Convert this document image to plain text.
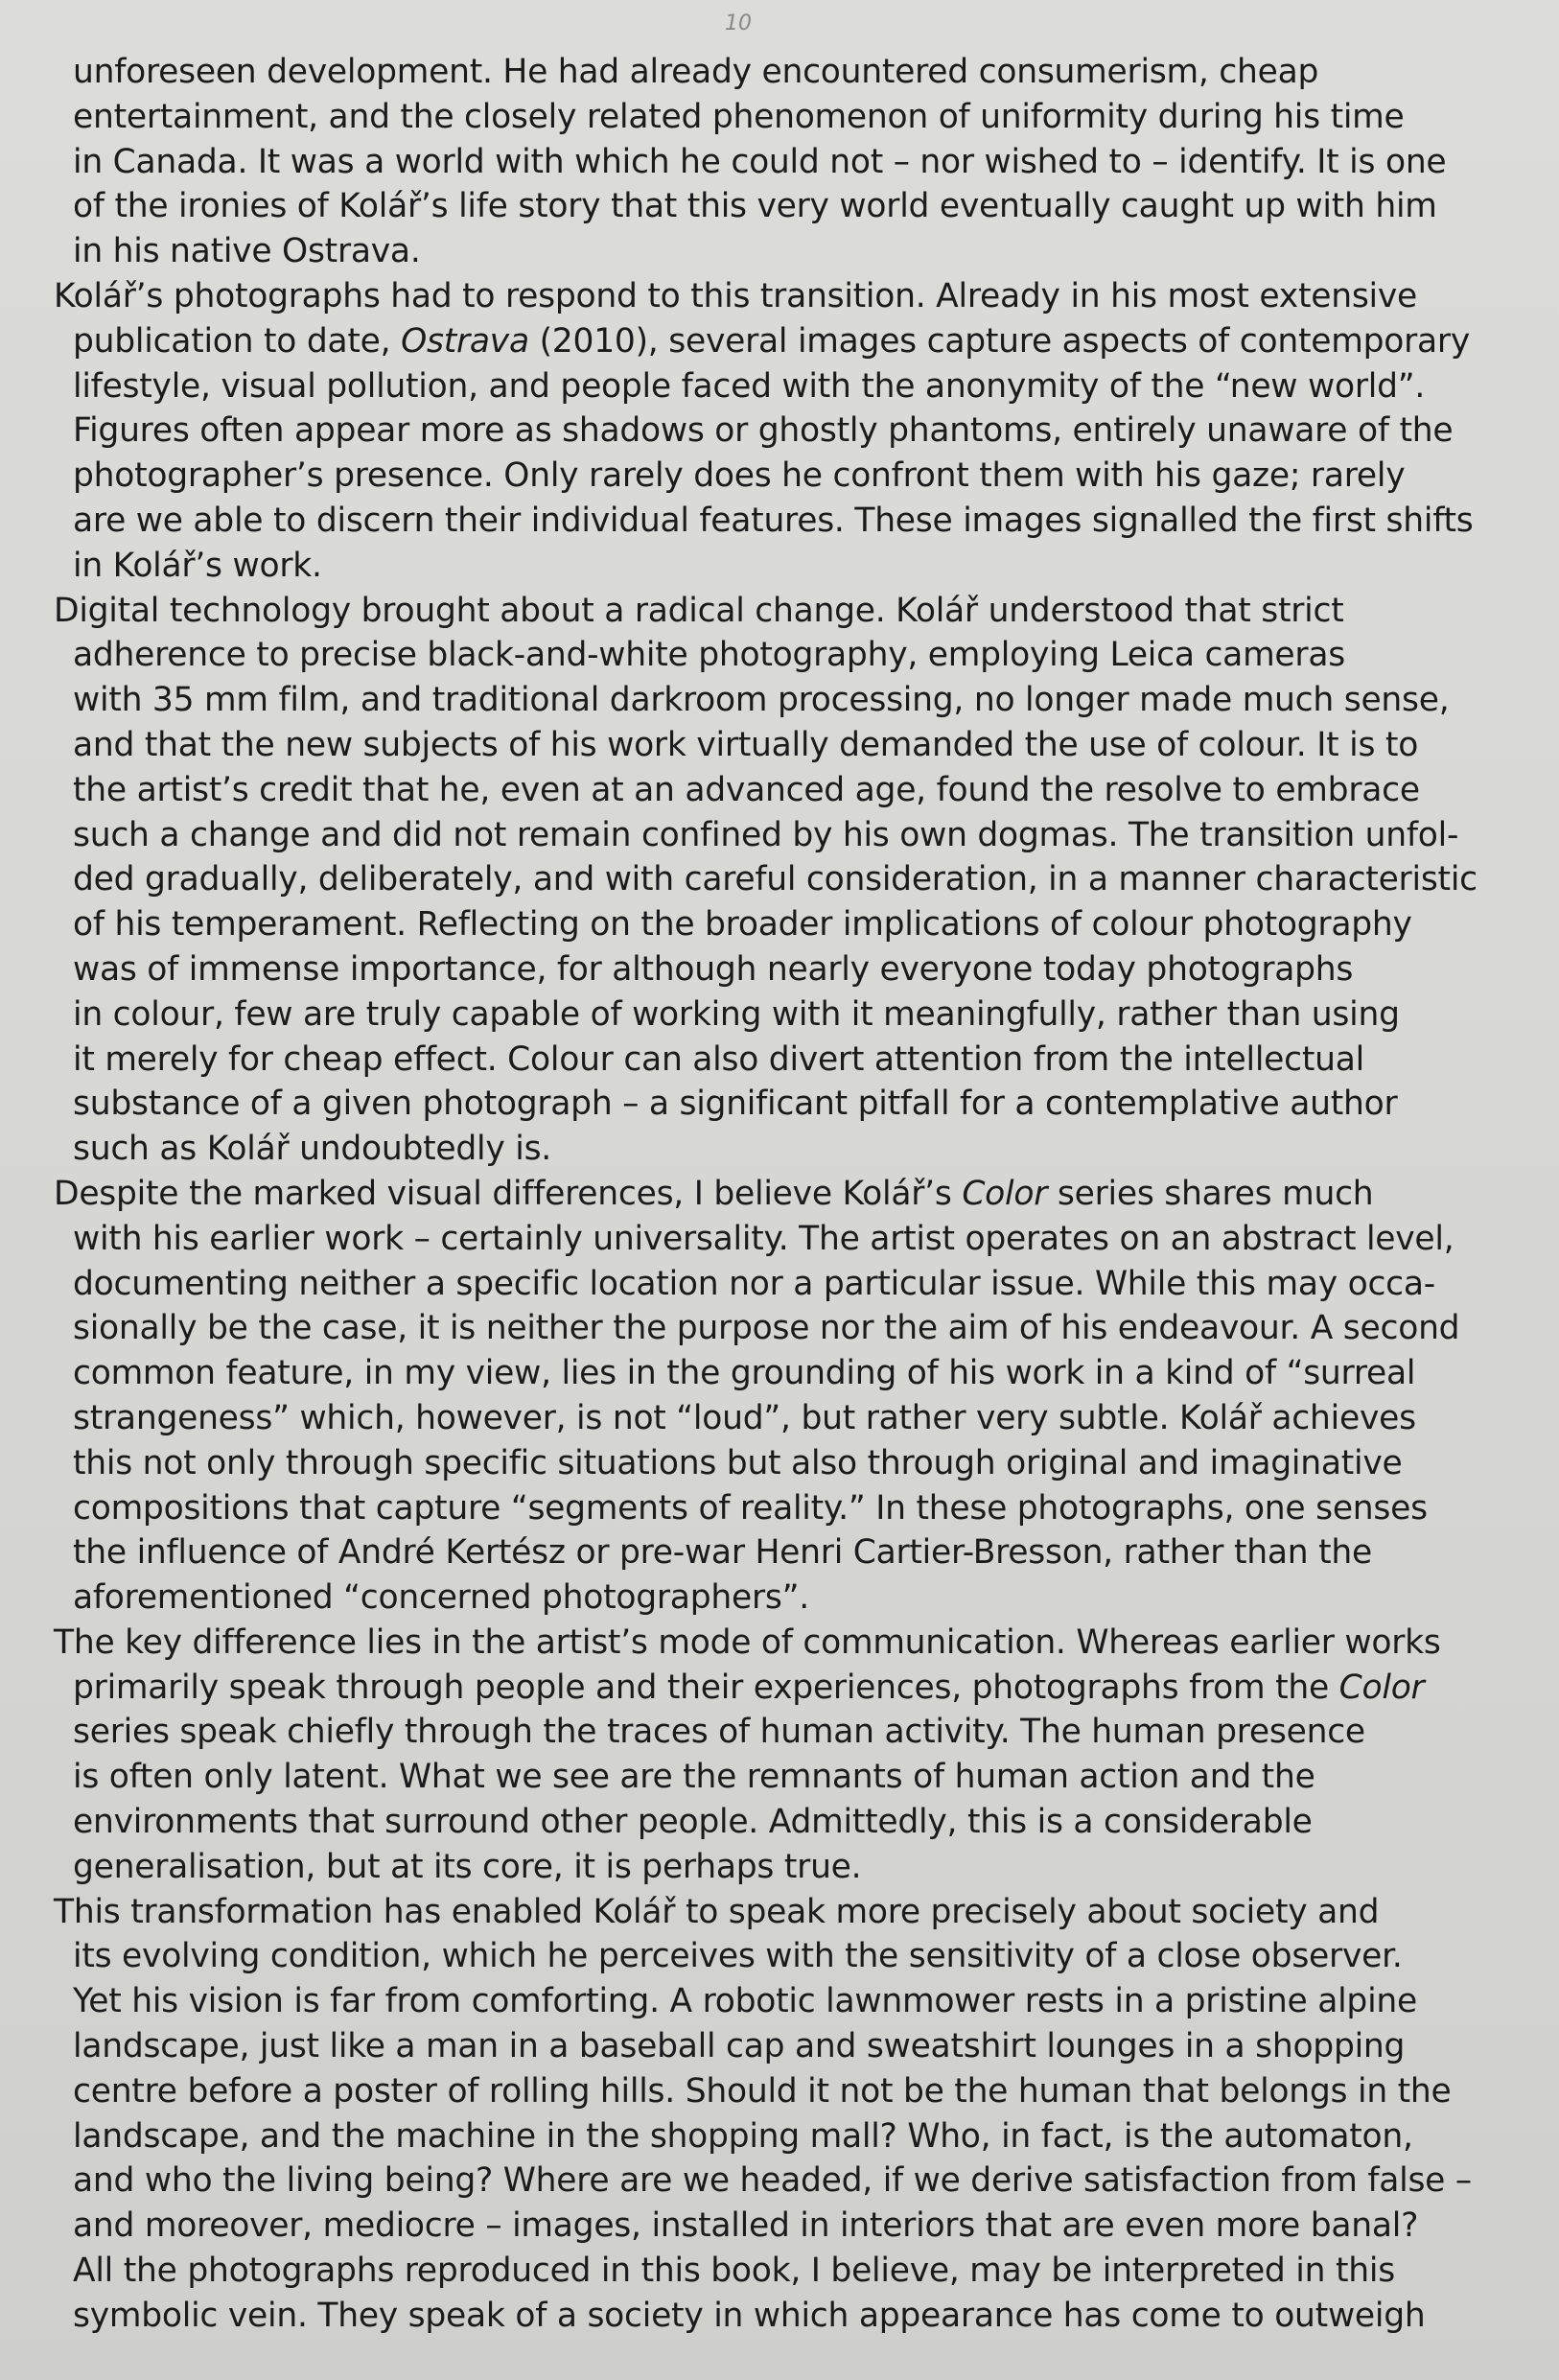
10
unforeseen development. He had already encountered consumerism, cheap
entertainment, and the closely related phenomenon of uniformity during his time
in Canada. It was a world with which he could not – nor wished to – identify. It is one
of the ironies of Kolář’s life story that this very world eventually caught up with him
in his native Ostrava.
Kolář’s photographs had to respond to this transition. Already in his most extensive
publication to date, Ostrava (2010), several images capture aspects of contemporary
lifestyle, visual pollution, and people faced with the anonymity of the “new world”.
Figures often appear more as shadows or ghostly phantoms, entirely unaware of the
photographer’s presence. Only rarely does he confront them with his gaze; rarely
are we able to discern their individual features. These images signalled the first shifts
in Kolář’s work.
Digital technology brought about a radical change. Kolář understood that strict
adherence to precise black-and-white photography, employing Leica cameras
with 35 mm film, and traditional darkroom processing, no longer made much sense,
and that the new subjects of his work virtually demanded the use of colour. It is to
the artist’s credit that he, even at an advanced age, found the resolve to embrace
such a change and did not remain confined by his own dogmas. The transition unfol-
ded gradually, deliberately, and with careful consideration, in a manner characteristic
of his temperament. Reflecting on the broader implications of colour photography
was of immense importance, for although nearly everyone today photographs
in colour, few are truly capable of working with it meaningfully, rather than using
it merely for cheap effect. Colour can also divert attention from the intellectual
substance of a given photograph – a significant pitfall for a contemplative author
such as Kolář undoubtedly is.
Despite the marked visual differences, I believe Kolář’s Color series shares much
with his earlier work – certainly universality. The artist operates on an abstract level,
documenting neither a specific location nor a particular issue. While this may occa-
sionally be the case, it is neither the purpose nor the aim of his endeavour. A second
common feature, in my view, lies in the grounding of his work in a kind of “surreal
strangeness” which, however, is not “loud”, but rather very subtle. Kolář achieves
this not only through specific situations but also through original and imaginative
compositions that capture “segments of reality.” In these photographs, one senses
the influence of André Kertész or pre-war Henri Cartier-Bresson, rather than the
aforementioned “concerned photographers”.
The key difference lies in the artist’s mode of communication. Whereas earlier works
primarily speak through people and their experiences, photographs from the Color
series speak chiefly through the traces of human activity. The human presence
is often only latent. What we see are the remnants of human action and the
environments that surround other people. Admittedly, this is a considerable
generalisation, but at its core, it is perhaps true.
This transformation has enabled Kolář to speak more precisely about society and
its evolving condition, which he perceives with the sensitivity of a close observer.
Yet his vision is far from comforting. A robotic lawnmower rests in a pristine alpine
landscape, just like a man in a baseball cap and sweatshirt lounges in a shopping
centre before a poster of rolling hills. Should it not be the human that belongs in the
landscape, and the machine in the shopping mall? Who, in fact, is the automaton,
and who the living being? Where are we headed, if we derive satisfaction from false –
and moreover, mediocre – images, installed in interiors that are even more banal?
All the photographs reproduced in this book, I believe, may be interpreted in this
symbolic vein. They speak of a society in which appearance has come to outweigh
